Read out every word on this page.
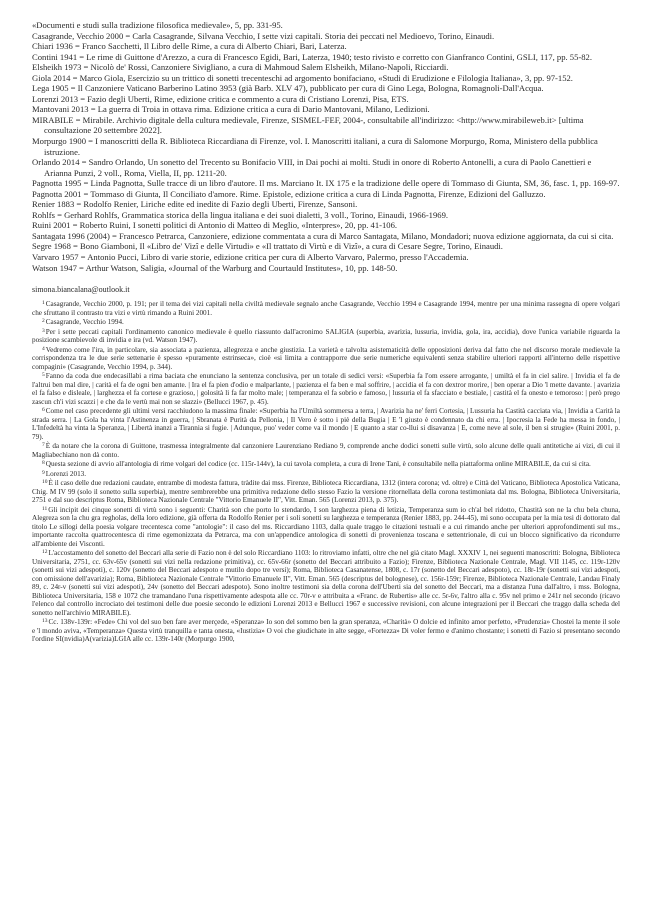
«Documenti e studi sulla tradizione filosofica medievale», 5, pp. 331-95.

Casagrande, Vecchio 2000 = Carla Casagrande, Silvana Vecchio, I sette vizi capitali. Storia dei peccati nel Medioevo, Torino, Einaudi.

Chiari 1936 = Franco Sacchetti, Il Libro delle Rime, a cura di Alberto Chiari, Bari, Laterza.

Contini 1941 = Le rime di Guittone d'Arezzo, a cura di Francesco Egidi, Bari, Laterza, 1940; testo rivisto e corretto con Gianfranco Contini, GSLI, 117, pp. 55-82.

Elsheikh 1973 = Nicolò de' Rossi, Canzoniere Sivigliano, a cura di Mahmoud Salem Elsheikh, Milano-Napoli, Ricciardi.

Giola 2014 = Marco Giola, Esercizio su un trittico di sonetti trecenteschi ad argomento bonifaciano, «Studi di Erudizione e Filologia Italiana», 3, pp. 97-152.

Lega 1905 = Il Canzoniere Vaticano Barberino Latino 3953 (già Barb. XLV 47), pubblicato per cura di Gino Lega, Bologna, Romagnoli-Dall'Acqua.

Lorenzi 2013 = Fazio degli Uberti, Rime, edizione critica e commento a cura di Cristiano Lorenzi, Pisa, ETS.

Mantovani 2013 = La guerra di Troia in ottava rima. Edizione critica a cura di Dario Mantovani, Milano, Ledizioni.

MIRABILE = Mirabile. Archivio digitale della cultura medievale, Firenze, SISMEL-FEF, 2004-, consultabile all'indirizzo: <http://www.mirabileweb.it> [ultima consultazione 20 settembre 2022].

Morpurgo 1900 = I manoscritti della R. Biblioteca Riccardiana di Firenze, vol. I. Manoscritti italiani, a cura di Salomone Morpurgo, Roma, Ministero della pubblica istruzione.

Orlando 2014 = Sandro Orlando, Un sonetto del Trecento su Bonifacio VIII, in Dai pochi ai molti. Studi in onore di Roberto Antonelli, a cura di Paolo Canettieri e Arianna Punzi, 2 voll., Roma, Viella, II, pp. 1211-20.

Pagnotta 1995 = Linda Pagnotta, Sulle tracce di un libro d'autore. Il ms. Marciano It. IX 175 e la tradizione delle opere di Tommaso di Giunta, SM, 36, fasc. 1, pp. 169-97.

Pagnotta 2001 = Tommaso di Giunta, Il Conciliato d'amore. Rime. Epistole, edizione critica a cura di Linda Pagnotta, Firenze, Edizioni del Galluzzo.

Renier 1883 = Rodolfo Renier, Liriche edite ed inedite di Fazio degli Uberti, Firenze, Sansoni.

Rohlfs = Gerhard Rohlfs, Grammatica storica della lingua italiana e dei suoi dialetti, 3 voll., Torino, Einaudi, 1966-1969.

Ruini 2001 = Roberto Ruini, I sonetti politici di Antonio di Matteo di Meglio, «Interpres», 20, pp. 41-106.

Santagata 1996 (2004) = Francesco Petrarca, Canzoniere, edizione commentata a cura di Marco Santagata, Milano, Mondadori; nuova edizione aggiornata, da cui si cita.

Segre 1968 = Bono Giamboni, Il «Libro de' Vizî e delle Virtudi» e «Il trattato di Virtù e di Vizî», a cura di Cesare Segre, Torino, Einaudi.

Varvaro 1957 = Antonio Pucci, Libro di varie storie, edizione critica per cura di Alberto Varvaro, Palermo, presso l'Accademia.

Watson 1947 = Arthur Watson, Saligia, «Journal of the Warburg and Courtauld Institutes», 10, pp. 148-50.

simona.biancalana@outlook.it

$^1$Casagrande, Vecchio 2000, p. 191; per il tema dei vizi capitali nella civiltà medievale segnalo anche Casagrande, Vecchio 1994 e Casagrande 1994, mentre per una minima rassegna di opere volgari che sfruttano il contrasto tra vizi e virtù rimando a Ruini 2001.

$^2$Casagrande, Vecchio 1994.

$^3$Per i sette peccati capitali l'ordinamento canonico medievale è quello riassunto dall'acronimo SALIGIA (superbia, avarizia, lussuria, invidia, gola, ira, accidia), dove l'unica variabile riguarda la posizione scambievole di invidia e ira (vd. Watson 1947).

$^4$Vedremo come l'ira, in particolare, sia associata a pazienza, allegrezza e anche giustizia. La varietà e talvolta asistematicità delle opposizioni deriva dal fatto che nel discorso morale medievale la corrispondenza tra le due serie settenarie è spesso «puramente estrinseca», cioè «si limita a contrapporre due serie numeriche equivalenti senza stabilire ulteriori rapporti all'interno delle rispettive compagini» (Casagrande, Vecchio 1994, p. 344).

$^5$Fanno da coda due endecasillabi a rima baciata che enunciano la sentenza conclusiva, per un totale di sedici versi: «Superbia fa l'om essere arrogante, | umiltà el fa in ciel salire. | Invidia el fa de l'altrui ben mal dire, | carità el fa de ogni ben amante. | Ira el fa pien d'odio e malparlante, | pazienza el fa ben e mal soffrire, | accidia el fa con dextror morire, | ben operar a Dio 'l mette davante. | avarizia el fa falso e disleale, | larghezza el fa cortese e grazioso, | golosità li fa far molto male; | temperanza el fa sobrio e famoso, | lussuria el fa sfacciato e bestiale, | castità el fa onesto e temoroso: | però prego zascun ch'i vizi scazzi | e che da le vertù mai non se slazzi» (Bellucci 1967, p. 45).

$^6$Come nel caso precedente gli ultimi versi racchiudono la massima finale: «Superbia ha l'Umiltà sommersa a terra, | Avarizia ha ne' ferri Cortesia, | Lussuria ha Castità cacciata via, | Invidia a Carità la strada serra. | La Gola ha vinta l'Astinenza in guerra, | Sbranata è Purità da Pellonia, | Il Vero è sotto i piè della Bugia | E 'l giusto è condennato da chi erra. | Ipocresia la Fede ha messa in fondo, | L'Infedeltà ha vinta la Speranza, | Libertà inanzi a Tirannia si fugie. | Adunque, puo' veder come va il mondo | E quanto a star co-llui si disavanza | E, come neve al sole, il ben si strugie» (Ruini 2001, p. 79).

$^7$È da notare che la corona di Guittone, trasmessa integralmente dal canzoniere Laurenziano Rediano 9, comprende anche dodici sonetti sulle virtù, solo alcune delle quali antitetiche ai vizi, di cui il Magliabechiano non dà conto.

$^8$Questa sezione di avvio all'antologia di rime volgari del codice (cc. 115r-144v), la cui tavola completa, a cura di Irene Tani, è consultabile nella piattaforma online MIRABILE, da cui si cita.

$^9$Lorenzi 2013.

$^{10}$È il caso delle due redazioni caudate, entrambe di modesta fattura, tràdite dai mss. Firenze, Biblioteca Riccardiana, 1312 (intera corona; vd. oltre) e Città del Vaticano, Biblioteca Apostolica Vaticana, Chig. M IV 99 (solo il sonetto sulla superbia), mentre sembrerebbe una primitiva redazione dello stesso Fazio la versione ritornellata della corona testimoniata dal ms. Bologna, Biblioteca Universitaria, 2751 e dal suo descriptus Roma, Biblioteca Nazionale Centrale "Vittorio Emanuele II", Vitt. Eman. 565 (Lorenzi 2013, p. 375).

$^{11}$Gli incipit dei cinque sonetti di virtù sono i seguenti: Charità son che porto lo stendardo, I son larghezza piena di letizia, Temperanza sum io ch'al bel ridotto, Chastità son ne la chu bela chuna, Alegreza son la chu gra regholas, della loro edizione, già offerta da Rodolfo Renier per i soli sonetti su larghezza e temperanza (Renier 1883, pp. 244-45), mi sono occupata per la mia tesi di dottorato dal titolo Le sillogi della poesia volgare trecentesca come "antologie": il caso del ms. Riccardiano 1103, dalla quale traggo le citazioni testuali e a cui rimando anche per ulteriori approfondimenti sul ms., importante raccolta quattrocentesca di rime egemonizzata da Petrarca, ma con un'appendice antologica di sonetti di provenienza toscana e settentrionale, di cui un blocco significativo da ricondurre all'ambiente dei Visconti.

$^{12}$L'accostamento del sonetto del Beccari alla serie di Fazio non è del solo Riccardiano 1103: lo ritroviamo infatti, oltre che nel già citato Magl. XXXIV 1, nei seguenti manoscritti: Bologna, Biblioteca Universitaria, 2751, cc. 63v-65v (sonetti sui vizi nella redazione primitiva), cc. 65v-66r (sonetto del Beccari attribuito a Fazio); Firenze, Biblioteca Nazionale Centrale, Magl. VII 1145, cc. 119r-120v (sonetti sui vizi adespoti), c. 120v (sonetto del Beccari adespoto e mutilo dopo tre versi); Roma, Biblioteca Casanatense, 1808, c. 17r (sonetto del Beccari adespoto), cc. 18r-19r (sonetti sui vizi adespoti, con omissione dell'avarizia); Roma, Biblioteca Nazionale Centrale "Vittorio Emanuele II", Vitt. Eman. 565 (descriptus del bolognese), cc. 156r-159r; Firenze, Biblioteca Nazionale Centrale, Landau Finaly 89, c. 24r-v (sonetti sui vizi adespoti), 24v (sonetto del Beccari adespoto). Sono inoltre testimoni sia della corona dell'Uberti sia del sonetto del Beccari, ma a distanza l'una dall'altro, i mss. Bologna, Biblioteca Universitaria, 158 e 1072 che tramandano l'una rispettivamente adespota alle cc. 70r-v e attribuita a «Franc. de Rubertis» alle cc. 5r-6v, l'altro alla c. 95v nel primo e 241r nel secondo (ricavo l'elenco dal controllo incrociato dei testimoni delle due poesie secondo le edizioni Lorenzi 2013 e Bellucci 1967 e successive revisioni, con alcune integrazioni per il Beccari che traggo dalla scheda del sonetto nell'archivio MIRABILE).

$^{13}$Cc. 138v-139r: «Fede» Chi vol del suo ben fare aver merçede, «Speranza» Io son del sommo ben la gran speranza, «Charità» O dolcie ed infinito amor perfetto, «Prudenzia» Chostei la mente il sole e 'l mondo aviva, «Temperanza» Questa virtù tranquilla e tanta onesta, «Iustizia» O voi che giudichate in alte segge, «Fortezza» Di voler fermo e d'animo chostante; i sonetti di Fazio si presentano secondo l'ordine SI(nvidia)A(varizia)LGIA alle cc. 139r-140r (Morpurgo 1900,
